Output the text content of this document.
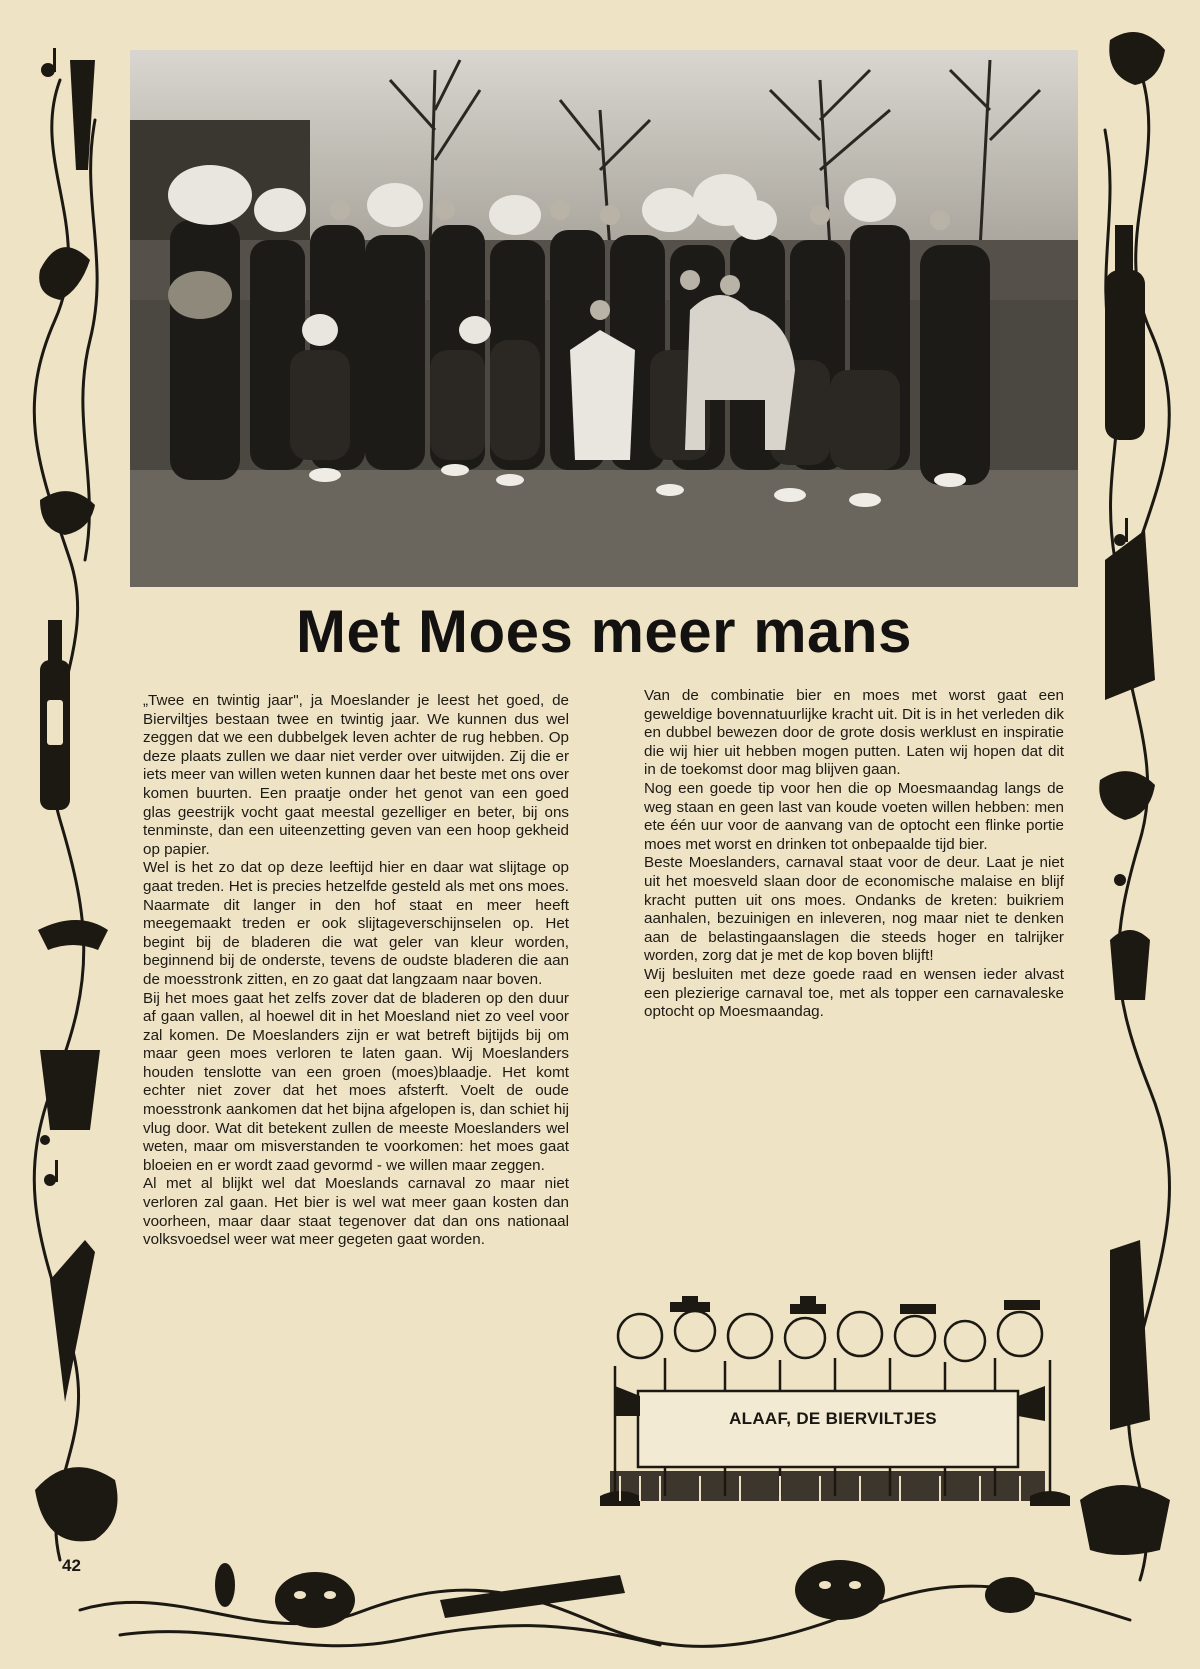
Met Moes meer mans

„Twee en twintig jaar", ja Moeslander je leest het goed, de Bierviltjes bestaan twee en twintig jaar. We kunnen dus wel zeggen dat we een dubbelgek leven achter de rug hebben. Op deze plaats zullen we daar niet verder over uitwijden. Zij die er iets meer van willen weten kunnen daar het beste met ons over komen buurten. Een praatje onder het genot van een goed glas geestrijk vocht gaat meestal gezelliger en beter, bij ons tenminste, dan een uiteenzetting geven van een hoop gekheid op papier.

Wel is het zo dat op deze leeftijd hier en daar wat slijtage op gaat treden. Het is precies hetzelfde gesteld als met ons moes. Naarmate dit langer in den hof staat en meer heeft meegemaakt treden er ook slijtageverschijnselen op. Het begint bij de bladeren die wat geler van kleur worden, beginnend bij de onderste, tevens de oudste bladeren die aan de moesstronk zitten, en zo gaat dat langzaam naar boven.

Bij het moes gaat het zelfs zover dat de bladeren op den duur af gaan vallen, al hoewel dit in het Moesland niet zo veel voor zal komen. De Moeslanders zijn er wat betreft bijtijds bij om maar geen moes verloren te laten gaan. Wij Moeslanders houden tenslotte van een groen (moes)blaadje. Het komt echter niet zover dat het moes afsterft. Voelt de oude moesstronk aankomen dat het bijna afgelopen is, dan schiet hij vlug door. Wat dit betekent zullen de meeste Moeslanders wel weten, maar om misverstanden te voorkomen: het moes gaat bloeien en er wordt zaad gevormd - we willen maar zeggen.

Al met al blijkt wel dat Moeslands carnaval zo maar niet verloren zal gaan. Het bier is wel wat meer gaan kosten dan voorheen, maar daar staat tegenover dat dan ons nationaal volksvoedsel weer wat meer gegeten gaat worden.

Van de combinatie bier en moes met worst gaat een geweldige bovennatuurlijke kracht uit. Dit is in het verleden dik en dubbel bewezen door de grote dosis werklust en inspiratie die wij hier uit hebben mogen putten. Laten wij hopen dat dit in de toekomst door mag blijven gaan.

Nog een goede tip voor hen die op Moesmaandag langs de weg staan en geen last van koude voeten willen hebben: men ete één uur voor de aanvang van de optocht een flinke portie moes met worst en drinken tot onbepaalde tijd bier.

Beste Moeslanders, carnaval staat voor de deur. Laat je niet uit het moesveld slaan door de economische malaise en blijf kracht putten uit ons moes. Ondanks de kreten: buikriem aanhalen, bezuinigen en inleveren, nog maar niet te denken aan de belastingaanslagen die steeds hoger en talrijker worden, zorg dat je met de kop boven blijft!

Wij besluiten met deze goede raad en wensen ieder alvast een plezierige carnaval toe, met als topper een carnavaleske optocht op Moesmaandag.

ALAAF, DE BIERVILTJES
42
